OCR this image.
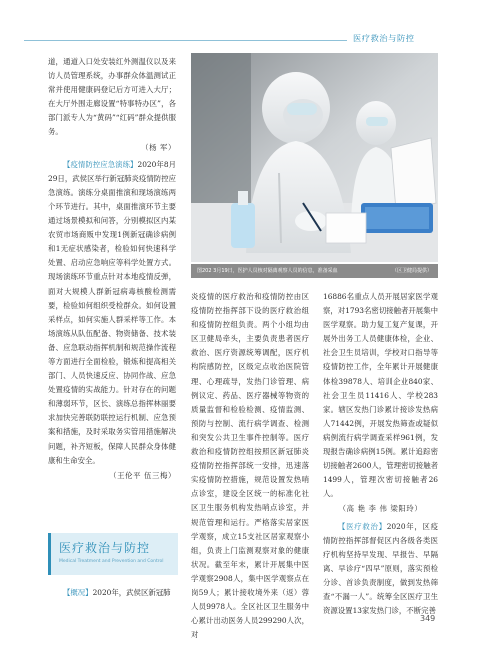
医疗救治与防控

道，通道入口处安装红外测温仪以及来访人员管理系统，办事群众体温测试正常并使用健康码登记后方可进入大厅；在大厅外围走廊设置“特事特办区”，各部门派专人为“黄码”“红码”群众提供服务。

（杨 军）

【疫情防控应急演练】2020年8月29日，武侯区举行新冠肺炎疫情防控应急演练。演练分桌面推演和现场演练两个环节进行。其中，桌面推演环节主要通过场景模拟和问答，分别模拟区内某农贸市场商贩中发现1例新冠确诊病例和1无症状感染者，检验如何快速科学处置、启动应急响应等科学处置方式。现场演练环节重点针对本地疫情反弹，面对大规模人群新冠病毒核酸检测需要，检验如何组织受检群众。如何设置采样点，如何实施人群采样等工作。本场演练从队伍配备、物资储备、技术装备、应急联动指挥机制和规范操作流程等方面进行全面检验，锻炼和提高相关部门、人员快速反应、协同作战、应急处置疫情的实战能力。针对存在的问题和薄弱环节，区长、演练总指挥林丽要求加快完善联防联控运行机制、应急预案和措施，及时采取务实管用措施解决问题，补齐短板，保障人民群众身体健康和生命安全。

（王伦平 伍三梅）
医疗救治与防控
Medical Treatment and Prevention and Control

【概况】2020年，武侯区新冠肺

图202 3月19日，医护人员核对隔离观察人员的信息，准备采血	（区卫健局提供）

炎疫情的医疗救治和疫情防控由区疫情防控指挥部下设的医疗救治组和疫情防控组负责。两个小组均由区卫健局牵头，主要负责患者医疗救治、医疗资源统筹调配，医疗机构院感防控，区级定点收治医院管理、心理疏导，发热门诊管理、病例议定、药品、医疗器械等物资的质量监督和检验检测、疫情监测、预防与控制、流行病学调查、检测和突发公共卫生事件控制等。医疗救治和疫情防控组按照区新冠肺炎疫情防控指挥部统一安排，迅速落实疫情防控措施，规范设置发热哨点诊室，建设全区统一的标准化社区卫生服务机构发热哨点诊室，并规范管理和运行。严格落实居家医学观察，成立15支社区居家观察小组，负责上门监测观察对象的健康状况。截至年末，累计开展集中医学观察2908人，集中医学观察点在岗59人；累计接收境外来（返）蓉人员9978人。全区社区卫生服务中心累计出动医务人员299290人次，对

16886名重点人员开展居家医学观察，对1793名密切接触者开展集中医学观察。助力复工复产复课，开展外出务工人员健康体检，企业、社会卫生员培训，学校对口指导等疫情防控工作，全年累计开展健康体检39878人、培训企业840家、社会卫生员11416人、学校283家。辖区发热门诊累计接诊发热病人71442例，开展发热筛查或疑似病例流行病学调查采样961例，发现报告确诊病例15例。累计追踪密切接触者2600人，管理密切接触者1499人，管理次密切接触者26人。

（高 艳 李 伟 梁阳玲）

【医疗救治】2020年，区疫情防控指挥部督促区内各级各类医疗机构坚持早发现、早报告、早隔离、早诊疗“四早”原则，落实预检分诊、首诊负责制度，做到发热筛查“不漏一人”。统筹全区医疗卫生资源设置13家发热门诊，不断完善

349
